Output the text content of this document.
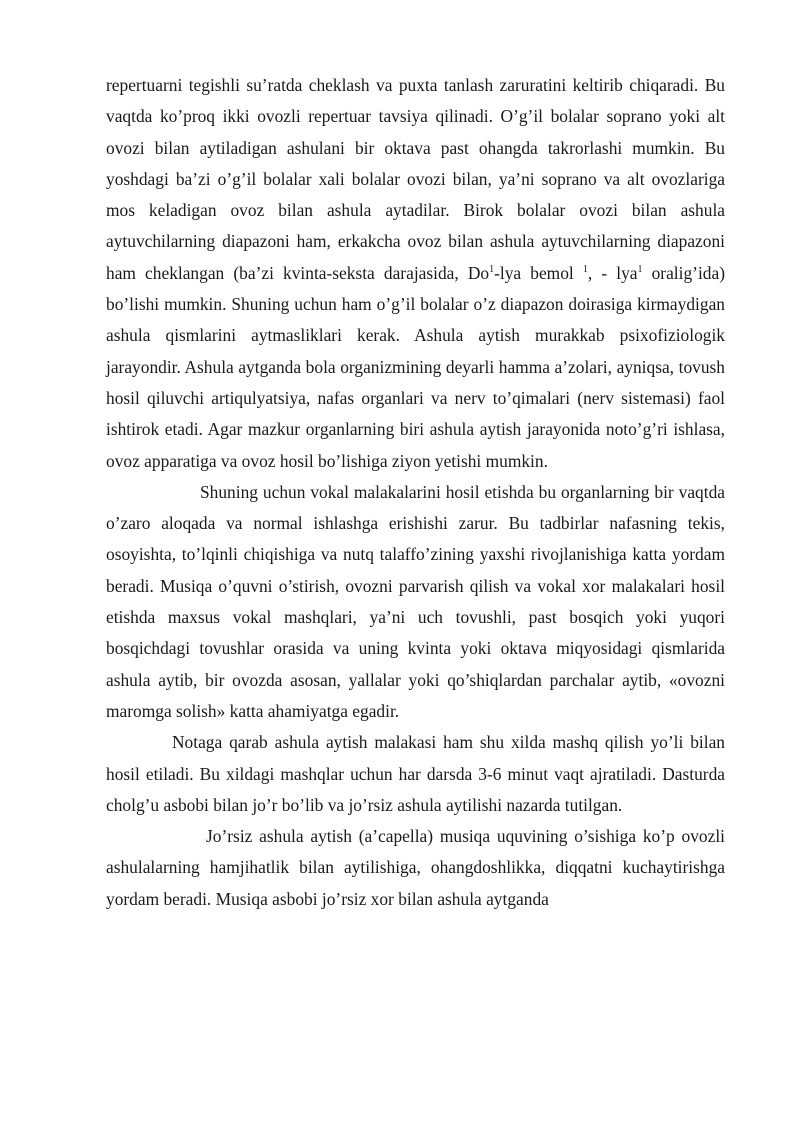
repertuarni tegishli su’ratda cheklash va puxta tanlash zaruratini keltirib chiqaradi. Bu vaqtda ko’proq ikki ovozli repertuar tavsiya qilinadi. O’g’il bolalar soprano yoki alt ovozi bilan aytiladigan ashulani bir oktava past ohangda takrorlashi mumkin. Bu yoshdagi ba’zi o’g’il bolalar xali bolalar ovozi bilan, ya’ni soprano va alt ovozlariga mos keladigan ovoz bilan ashula aytadilar. Birok bolalar ovozi bilan ashula aytuvchilarning diapazoni ham, erkakcha ovoz bilan ashula aytuvchilarning diapazoni ham cheklangan (ba’zi kvinta-seksta darajasida, Do$^1$-lya bemol $^1$, - lya$^1$ oralig’ida) bo’lishi mumkin. Shuning uchun ham o’g’il bolalar o’z diapazon doirasiga kirmaydigan ashula qismlarini aytmasliklari kerak. Ashula aytish murakkab psixofiziologik jarayondir. Ashula aytganda bola organizmining deyarli hamma a’zolari, ayniqsa, tovush hosil qiluvchi artiqulyatsiya, nafas organlari va nerv to’qimalari (nerv sistemasi) faol ishtirok etadi. Agar mazkur organlarning biri ashula aytish jarayonida noto’g’ri ishlasa, ovoz apparatiga va ovoz hosil bo’lishiga ziyon yetishi mumkin.

Shuning uchun vokal malakalarini hosil etishda bu organlarning bir vaqtda o’zaro aloqada va normal ishlashga erishishi zarur. Bu tadbirlar nafasning tekis, osoyishta, to’lqinli chiqishiga va nutq talaffo’zining yaxshi rivojlanishiga katta yordam beradi. Musiqa o’quvni o’stirish, ovozni parvarish qilish va vokal xor malakalari hosil etishda maxsus vokal mashqlari, ya’ni uch tovushli, past bosqich yoki yuqori bosqichdagi tovushlar orasida va uning kvinta yoki oktava miqyosidagi qismlarida ashula aytib, bir ovozda asosan, yallalar yoki qo’shiqlardan parchalar aytib, «ovozni maromga solish» katta ahamiyatga egadir.

Notaga qarab ashula aytish malakasi ham shu xilda mashq qilish yo’li bilan hosil etiladi. Bu xildagi mashqlar uchun har darsda 3-6 minut vaqt ajratiladi. Dasturda cholg’u asbobi bilan jo’r bo’lib va jo’rsiz ashula aytilishi nazarda tutilgan.

Jo’rsiz ashula aytish (a’capella) musiqa uquvining o’sishiga ko’p ovozli ashulalarning hamjihatlik bilan aytilishiga, ohangdoshlikka, diqqatni kuchaytirishga yordam beradi. Musiqa asbobi jo’rsiz xor bilan ashula aytganda
